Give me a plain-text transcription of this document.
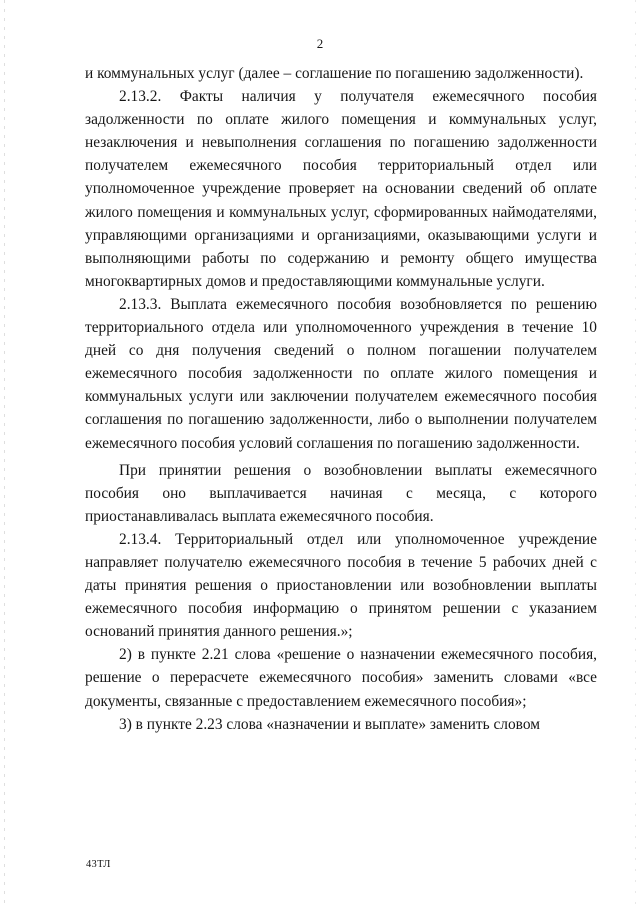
2

и коммунальных услуг (далее – соглашение по погашению задолженности).

2.13.2. Факты наличия у получателя ежемесячного пособия задолженности по оплате жилого помещения и коммунальных услуг, незаключения и невыполнения соглашения по погашению задолженности получателем ежемесячного пособия территориальный отдел или уполномоченное учреждение проверяет на основании сведений об оплате жилого помещения и коммунальных услуг, сформированных наймодателями, управляющими организациями и организациями, оказывающими услуги и выполняющими работы по содержанию и ремонту общего имущества многоквартирных домов и предоставляющими коммунальные услуги.

2.13.3. Выплата ежемесячного пособия возобновляется по решению территориального отдела или уполномоченного учреждения в течение 10 дней со дня получения сведений о полном погашении получателем ежемесячного пособия задолженности по оплате жилого помещения и коммунальных услуги или заключении получателем ежемесячного пособия соглашения по погашению задолженности, либо о выполнении получателем ежемесячного пособия условий соглашения по погашению задолженности.

При принятии решения о возобновлении выплаты ежемесячного пособия оно выплачивается начиная с месяца, с которого приостанавливалась выплата ежемесячного пособия.

2.13.4. Территориальный отдел или уполномоченное учреждение направляет получателю ежемесячного пособия в течение 5 рабочих дней с даты принятия решения о приостановлении или возобновлении выплаты ежемесячного пособия информацию о принятом решении с указанием оснований принятия данного решения.»;

2) в пункте 2.21 слова «решение о назначении ежемесячного пособия, решение о перерасчете ежемесячного пособия» заменить словами «все документы, связанные с предоставлением ежемесячного пособия»;

3) в пункте 2.23 слова «назначении и выплате» заменить словом

43ТЛ
